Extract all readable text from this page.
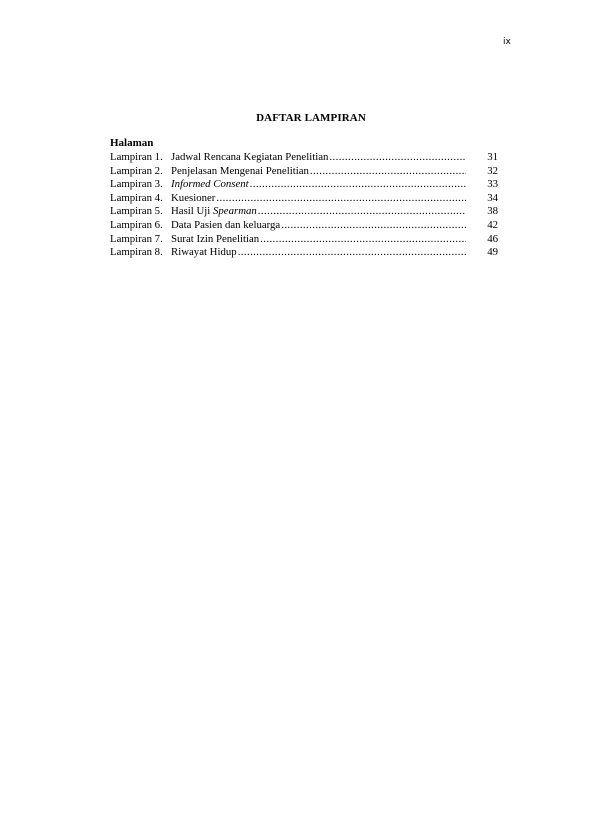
ix
DAFTAR LAMPIRAN
Halaman
Lampiran 1. Jadwal Rencana Kegiatan Penelitian .....	31
Lampiran 2. Penjelasan Mengenai Penelitian .....	32
Lampiran 3. Informed Consent .....	33
Lampiran 4. Kuesioner .....	34
Lampiran 5. Hasil Uji Spearman .....	38
Lampiran 6. Data Pasien dan keluarga .....	42
Lampiran 7. Surat Izin Penelitian .....	46
Lampiran 8. Riwayat Hidup .....	49
